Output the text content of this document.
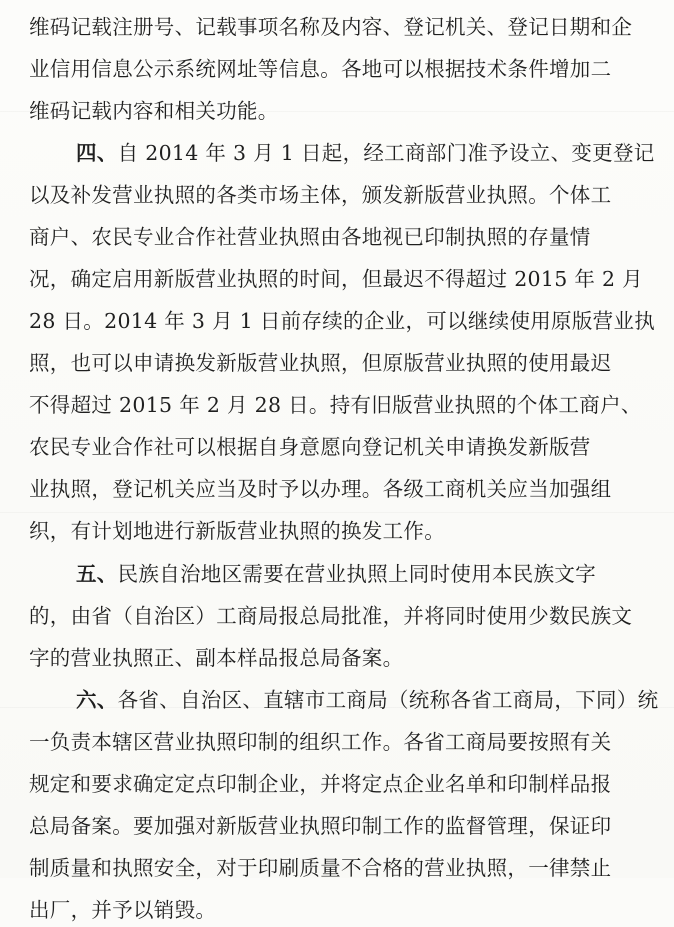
维码记载注册号、记载事项名称及内容、登记机关、登记日期和企
业信用信息公示系统网址等信息。各地可以根据技术条件增加二
维码记载内容和相关功能。
四、自 2014 年 3 月 1 日起，经工商部门准予设立、变更登记
以及补发营业执照的各类市场主体，颁发新版营业执照。个体工
商户、农民专业合作社营业执照由各地视已印制执照的存量情
况，确定启用新版营业执照的时间，但最迟不得超过 2015 年 2 月
28 日。2014 年 3 月 1 日前存续的企业，可以继续使用原版营业执
照，也可以申请换发新版营业执照，但原版营业执照的使用最迟
不得超过 2015 年 2 月 28 日。持有旧版营业执照的个体工商户、
农民专业合作社可以根据自身意愿向登记机关申请换发新版营
业执照，登记机关应当及时予以办理。各级工商机关应当加强组
织，有计划地进行新版营业执照的换发工作。
五、民族自治地区需要在营业执照上同时使用本民族文字
的，由省（自治区）工商局报总局批准，并将同时使用少数民族文
字的营业执照正、副本样品报总局备案。
六、各省、自治区、直辖市工商局（统称各省工商局，下同）统
一负责本辖区营业执照印制的组织工作。各省工商局要按照有关
规定和要求确定定点印制企业，并将定点企业名单和印制样品报
总局备案。要加强对新版营业执照印制工作的监督管理，保证印
制质量和执照安全，对于印刷质量不合格的营业执照，一律禁止
出厂，并予以销毁。
